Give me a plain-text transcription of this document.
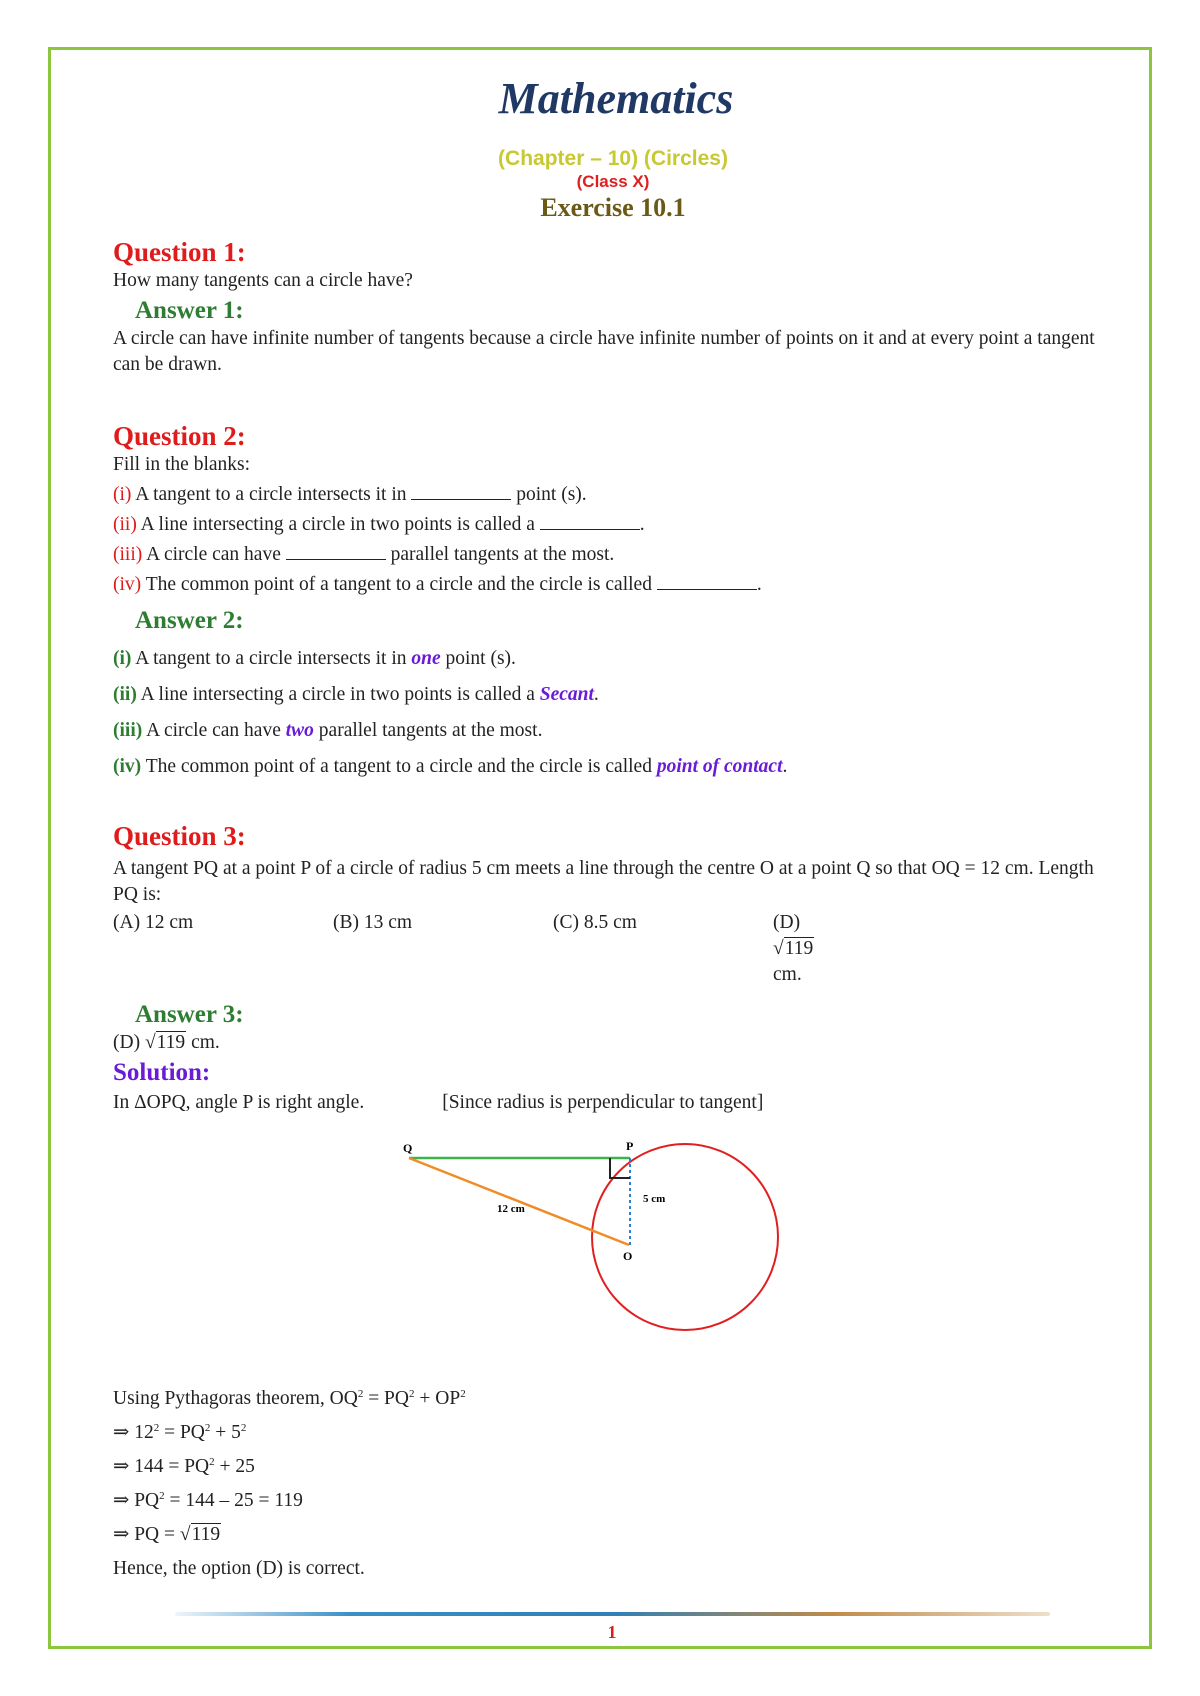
Mathematics
(Chapter – 10) (Circles)
(Class X)
Exercise 10.1
Question 1:

How many tangents can a circle have?

Answer 1:

A circle can have infinite number of tangents because a circle have infinite number of points on it and at every point a tangent can be drawn.

Question 2:

Fill in the blanks:

(i) A tangent to a circle intersects it in	point (s).

(ii) A line intersecting a circle in two points is called a	.

(iii) A circle can have	parallel tangents at the most.

(iv) The common point of a tangent to a circle and the circle is called	.

Answer 2:

(i) A tangent to a circle intersects it in one point (s).

(ii) A line intersecting a circle in two points is called a Secant.

(iii) A circle can have two parallel tangents at the most.

(iv) The common point of a tangent to a circle and the circle is called point of contact.

Question 3:

A tangent PQ at a point P of a circle of radius 5 cm meets a line through the centre O at a point Q so that OQ = 12 cm. Length PQ is:

(A) 12 cm	(B) 13 cm	(C) 8.5 cm	(D) √119 cm.
Answer 3:

(D) √119 cm.

Solution:

In ΔOPQ, angle P is right angle.	[Since radius is perpendicular to tangent]

Q	P
O
12 cm
5 cm

Using Pythagoras theorem, $OQ^2 = PQ^2 + OP^2$

⇒ $12^2 = PQ^2 + 5^2$

⇒ $144 = PQ^2 + 25$

⇒ $PQ^2 = 144 - 25 = 119$

⇒ PQ = √119

Hence, the option (D) is correct.

1
